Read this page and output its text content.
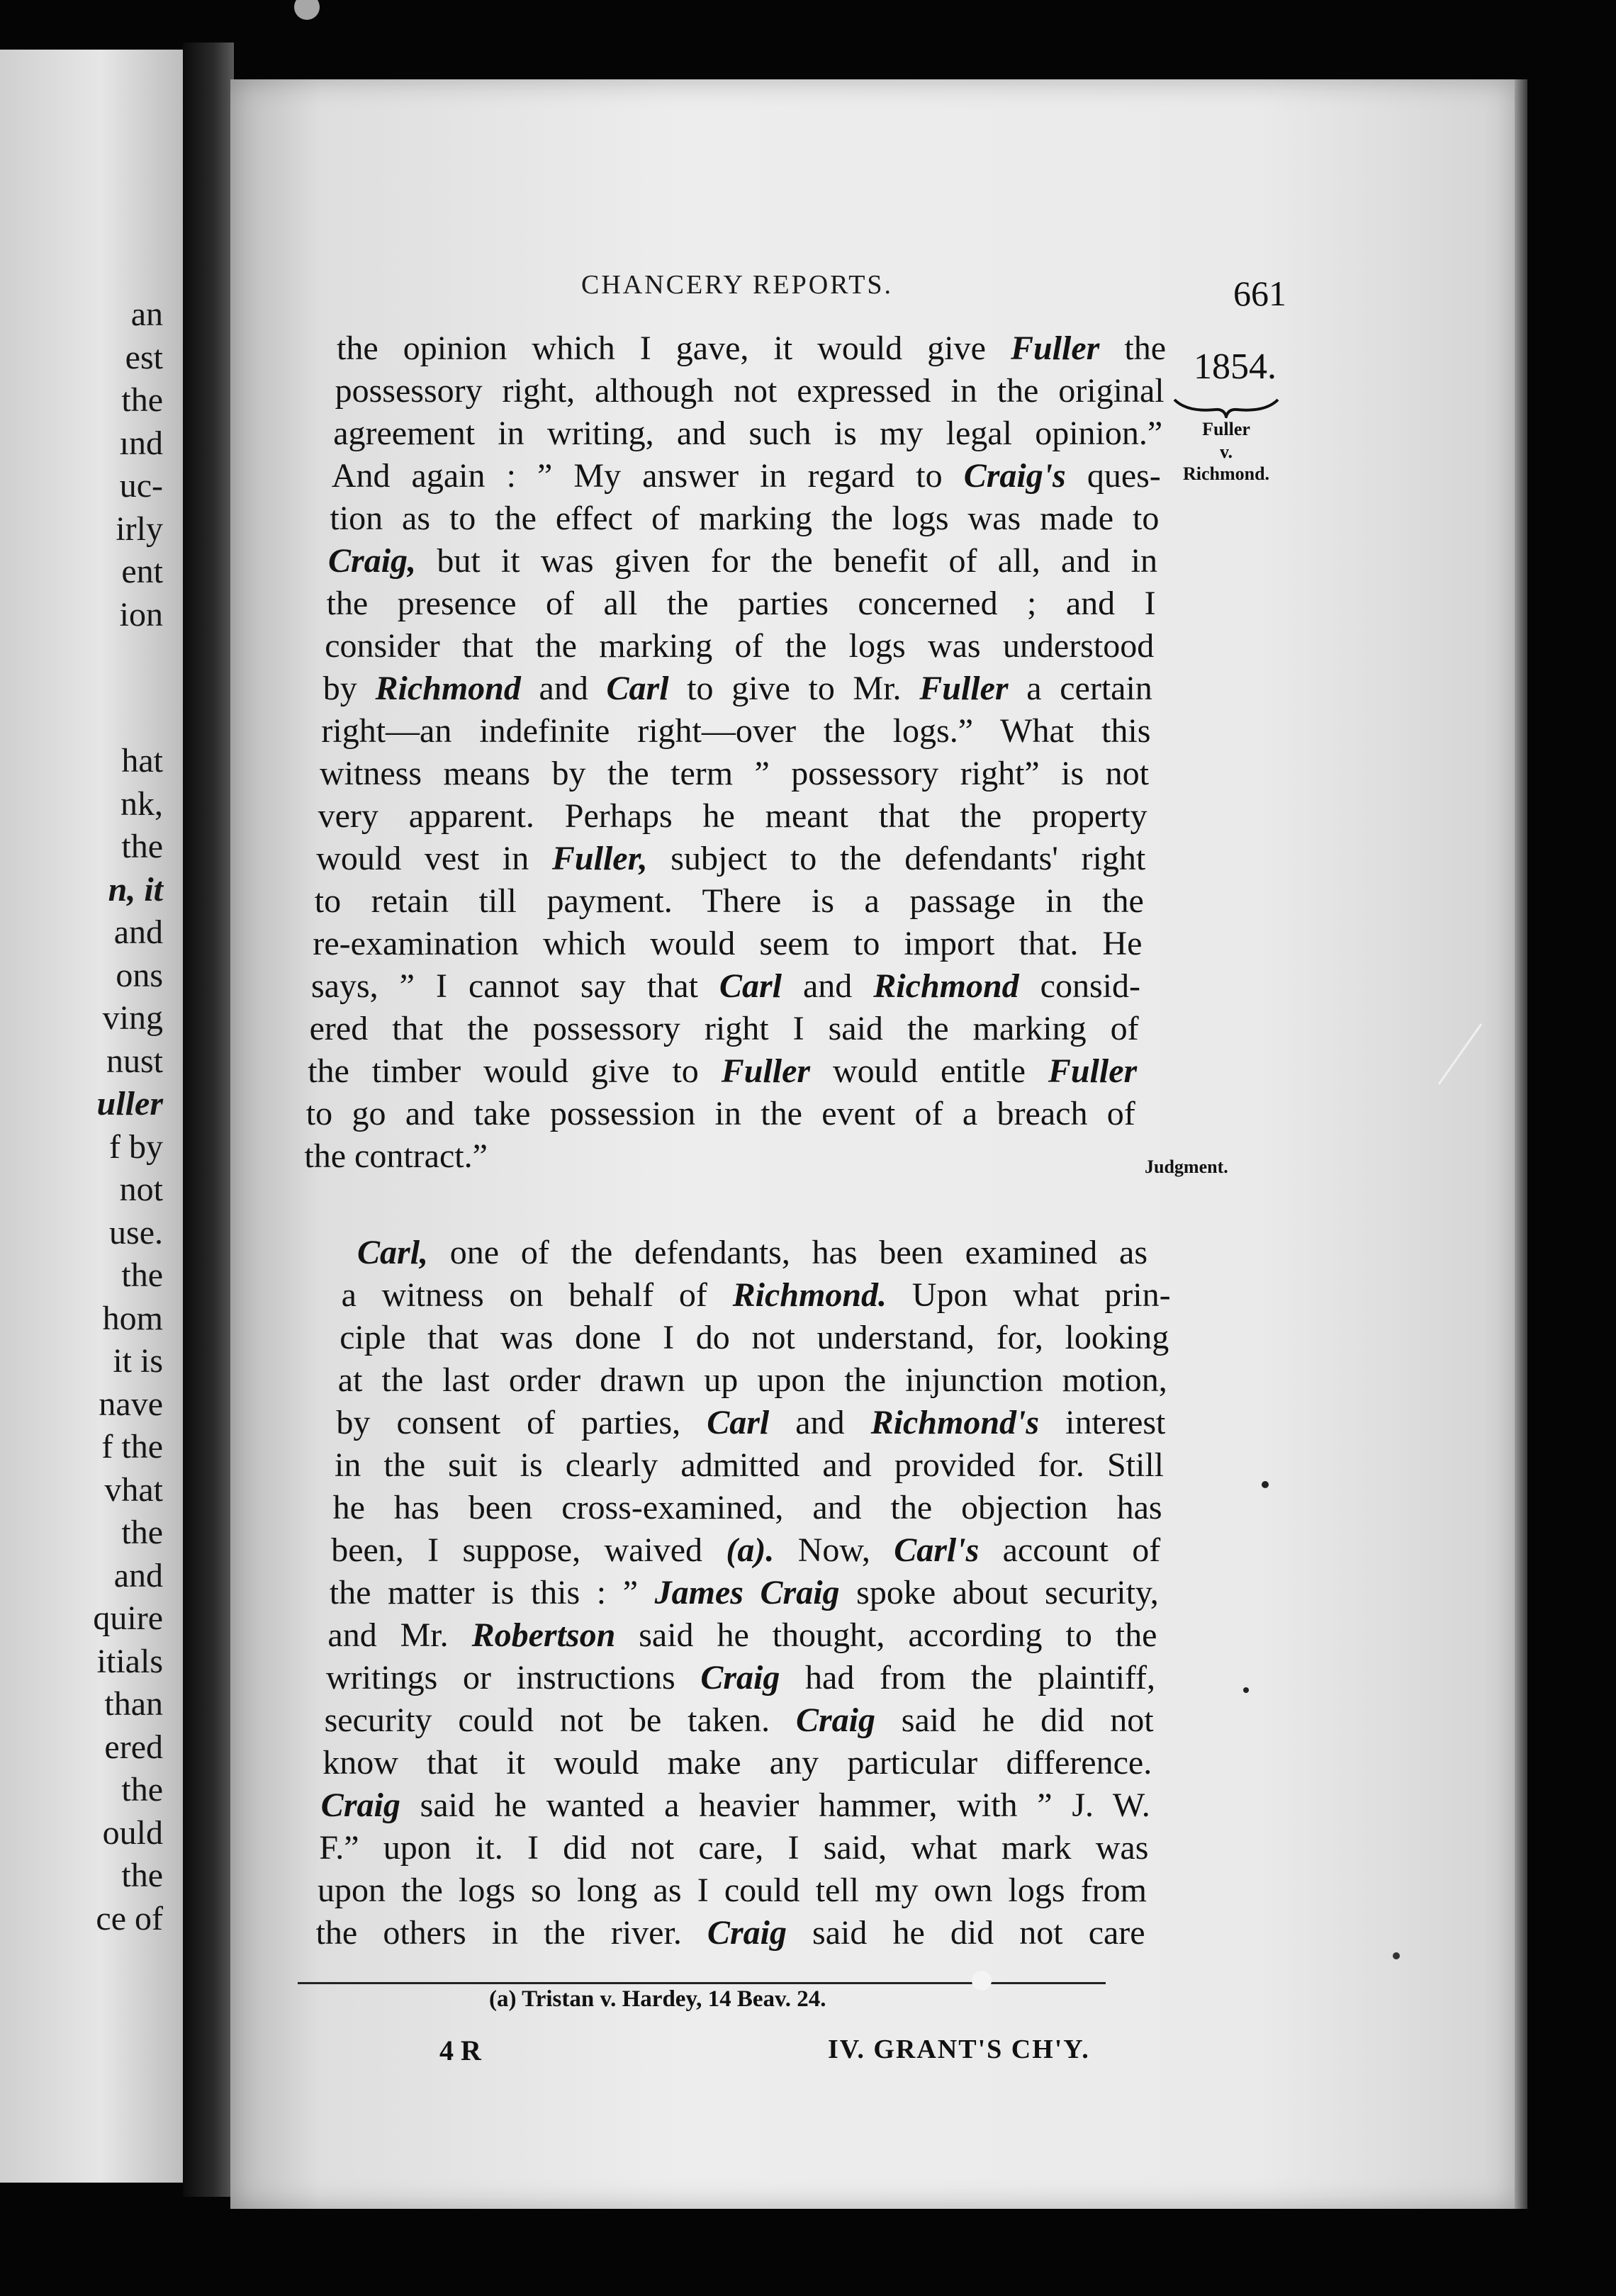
an
est
the
ınd
uc-
irly
ent
ion
hat
nk,
the
n, it
and
ons
ving
nust
uller
f by
not
use.
the
hom
it is
nave
f the
vhat
the
and
quire
itials
than
ered
the
ould
the
ce of
CHANCERY REPORTS.	661
1854.
Fuller
v.
Richmond.
Judgment.
the opinion which I gave, it would give Fuller the
possessory right, although not expressed in the original
agreement in writing, and such is my legal opinion.”
And again : ” My answer in regard to Craig's ques-
tion as to the effect of marking the logs was made to
Craig, but it was given for the benefit of all, and in
the presence of all the parties concerned ; and I
consider that the marking of the logs was understood
by Richmond and Carl to give to Mr. Fuller a certain
right—an indefinite right—over the logs.” What this
witness means by the term ” possessory right” is not
very apparent. Perhaps he meant that the property
would vest in Fuller, subject to the defendants' right
to retain till payment. There is a passage in the
re-examination which would seem to import that. He
says, ” I cannot say that Carl and Richmond consid-
ered that the possessory right I said the marking of
the timber would give to Fuller would entitle Fuller
to go and take possession in the event of a breach of
the contract.”
Carl, one of the defendants, has been examined as
a witness on behalf of Richmond. Upon what prin-
ciple that was done I do not understand, for, looking
at the last order drawn up upon the injunction motion,
by consent of parties, Carl and Richmond's interest
in the suit is clearly admitted and provided for. Still
he has been cross-examined, and the objection has
been, I suppose, waived (a). Now, Carl's account of
the matter is this : ” James Craig spoke about security,
and Mr. Robertson said he thought, according to the
writings or instructions Craig had from the plaintiff,
security could not be taken. Craig said he did not
know that it would make any particular difference.
Craig said he wanted a heavier hammer, with ” J. W.
F.” upon it. I did not care, I said, what mark was
upon the logs so long as I could tell my own logs from
the others in the river. Craig said he did not care
(a) Tristan v. Hardey, 14 Beav. 24.
4 R	IV. GRANT'S CH'Y.
